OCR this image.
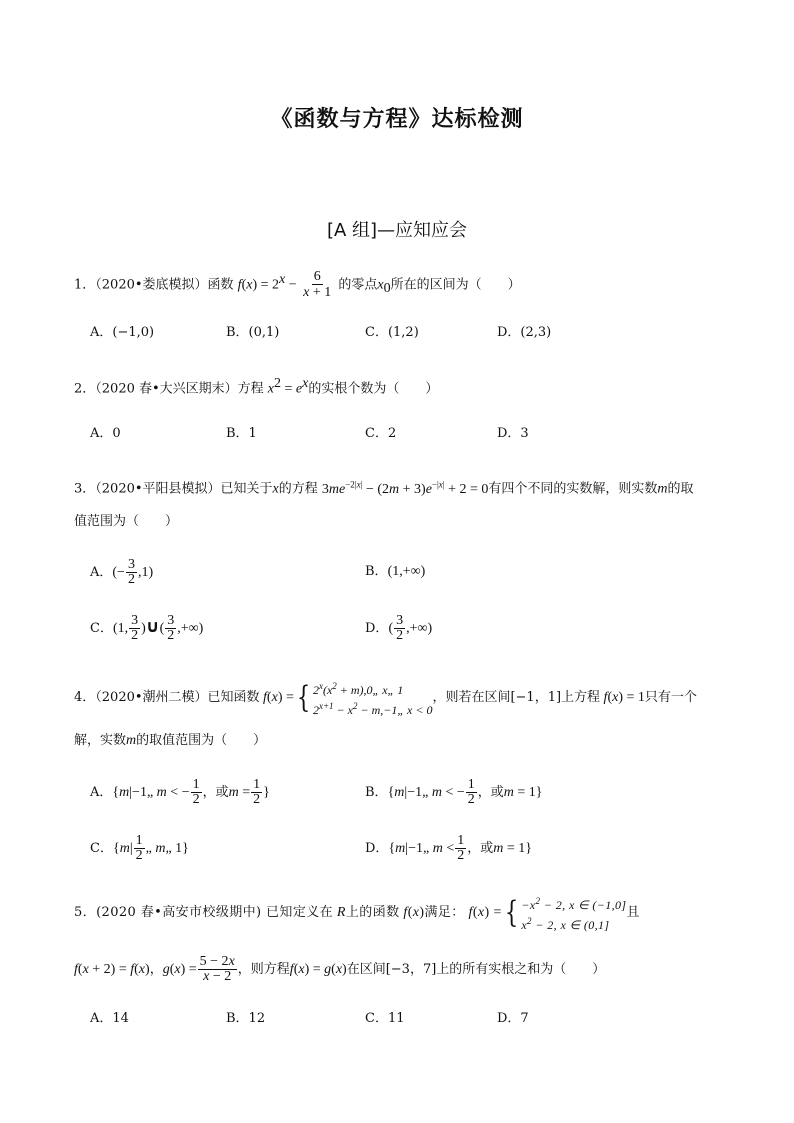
《函数与方程》达标检测
[A 组]—应知应会
1．（2020•娄底模拟）函数 $f(x) = 2^x - \frac{6}{x + 1}$ 的零点$x_0$所在的区间为（　　）
A．(−1,0)	B．(0,1)	C．(1,2)	D．(2,3)
2．（2020 春•大兴区期末）方程 $x^2 = e^x$的实根个数为（　　）
A．0	B．1	C．2	D．3
3．（2020•平阳县模拟）已知关于x的方程 $3me^{-2|x|} - (2m + 3)e^{-|x|} + 2 = 0$有四个不同的实数解，则实数m的取
值范围为（　　）
A．(− $\frac{3}{2} ,1$)	B．(1,+∞)
C．(1, $\frac{3}{2}$ )∪( $\frac{3}{2}$ ,+∞)	D．( $\frac{3}{2}$ ,+∞)
4．（2020•潮州二模）已知函数 f ( x ) = { $2^x(x^2$ + m),0„ x„ 1
$2^{x+1} - x^2$ − m,−1„ x < 0
，则若在区间[−1，1]上方程 f ( x ) = 1 只有一个
解，实数m的取值范围为（　　）
A．{m|−1„ m < − $\frac{1}{2}$ ，或$m = \frac{1}{2}$ }	B．{m|−1„ m < − $\frac{1}{2}$ ，或m = 1}
C．{$m| \frac{1}{2}$ „ m„ 1}	D．{m|−1„ $m < \frac{1}{2}$ ，或m = 1}
5．(2020 春•高安市校级期中) 已知定义在 R 上的函数 f ( x ) 满足： f ( x ) = { $-x^2 - 2$, x ∈ (−1,0]
$x^2 - 2$, x ∈ (0,1]
且
f(x + 2) = f(x) ， $g(x) = \frac{5 - 2x}{x - 2}$ ，则方程 f(x) = g(x) 在区间[−3，7]上的所有实根之和为（　　）
A．14	B．12	C．11	D．7
